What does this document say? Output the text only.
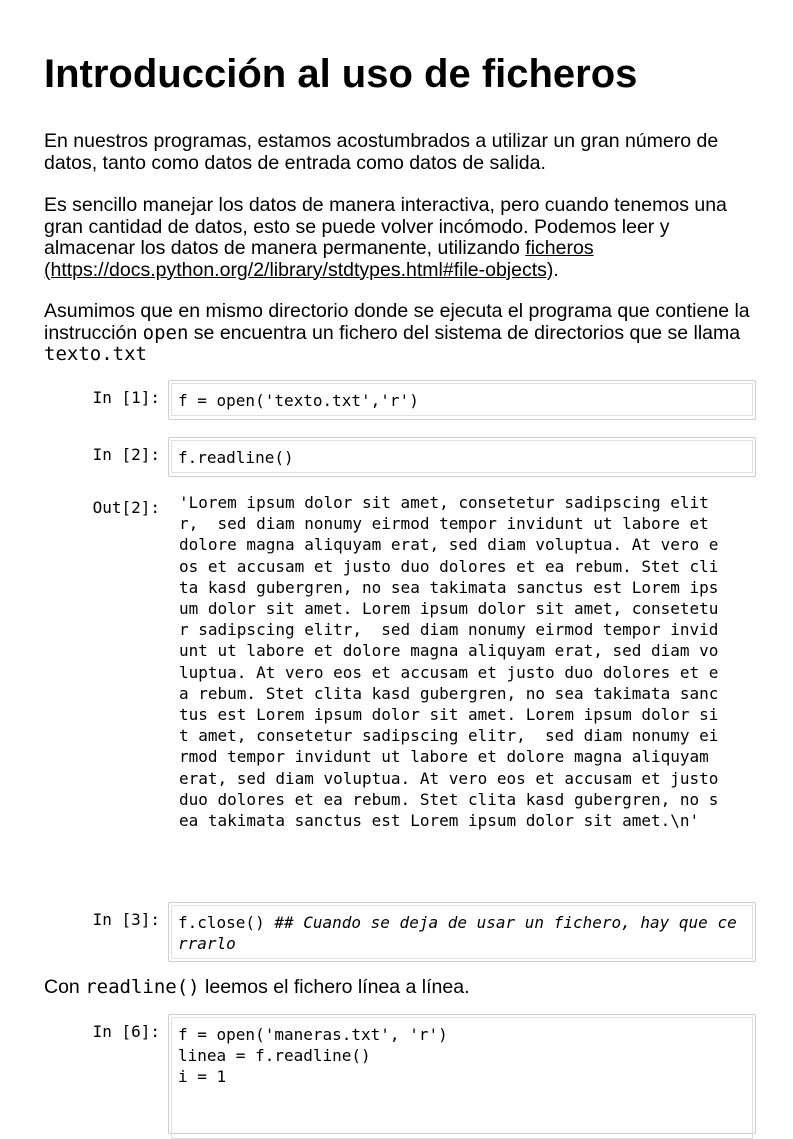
Introducción al uso de ficheros

En nuestros programas, estamos acostumbrados a utilizar un gran número de datos, tanto como datos de entrada como datos de salida.

Es sencillo manejar los datos de manera interactiva, pero cuando tenemos una gran cantidad de datos, esto se puede volver incómodo. Podemos leer y almacenar los datos de manera permanente, utilizando ficheros (https://docs.python.org/2/library/stdtypes.html#file-objects).

Asumimos que en mismo directorio donde se ejecuta el programa que contiene la instrucción open se encuentra un fichero del sistema de directorios que se llama texto.txt

In [1]:	f = open('texto.txt','r')
In [2]:	f.readline()
Out[2]: 'Lorem ipsum dolor sit amet, consetetur sadipscing elitr,  sed diam nonumy eirmod tempor invidunt ut labore et dolore magna aliquyam erat, sed diam voluptua. At vero eos et accusam et justo duo dolores et ea rebum. Stet clita kasd gubergren, no sea takimata sanctus est Lorem ipsum dolor sit amet. Lorem ipsum dolor sit amet, consetetur sadipscing elitr,  sed diam nonumy eirmod tempor invidunt ut labore et dolore magna aliquyam erat, sed diam voluptua. At vero eos et accusam et justo duo dolores et ea rebum. Stet clita kasd gubergren, no sea takimata sanctus est Lorem ipsum dolor sit amet. Lorem ipsum dolor sit amet, consetetur sadipscing elitr,  sed diam nonumy eirmod tempor invidunt ut labore et dolore magna aliquyam erat, sed diam voluptua. At vero eos et accusam et justo duo dolores et ea rebum. Stet clita kasd gubergren, no sea takimata sanctus est Lorem ipsum dolor sit amet.\n'
In [3]:	f.close() ## Cuando se deja de usar un fichero, hay que cerrarlo

Con readline() leemos el fichero línea a línea.

In [6]:	f = open('maneras.txt', 'r')
linea = f.readline()
i = 1
